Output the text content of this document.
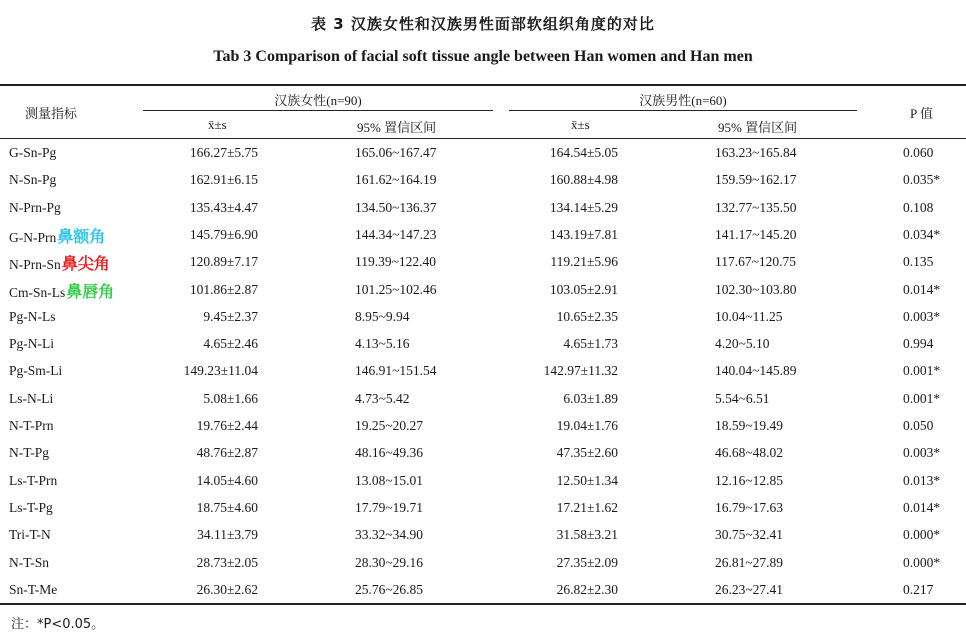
表 3 汉族女性和汉族男性面部软组织角度的对比
Tab 3 Comparison of facial soft tissue angle between Han women and Han men
测量指标
汉族女性(n=90)	汉族男性(n=60)
x̄±s	95% 置信区间	x̄±s	95% 置信区间
P 值
G-Sn-Pg	166.27±5.75	165.06~167.47	164.54±5.05	163.23~165.84	0.060
N-Sn-Pg	162.91±6.15	161.62~164.19	160.88±4.98	159.59~162.17	0.035*
N-Prn-Pg	135.43±4.47	134.50~136.37	134.14±5.29	132.77~135.50	0.108
G-N-Prn鼻额角	145.79±6.90	144.34~147.23	143.19±7.81	141.17~145.20	0.034*
N-Prn-Sn鼻尖角	120.89±7.17	119.39~122.40	119.21±5.96	117.67~120.75	0.135
Cm-Sn-Ls鼻唇角	101.86±2.87	101.25~102.46	103.05±2.91	102.30~103.80	0.014*
Pg-N-Ls	9.45±2.37	8.95~9.94	10.65±2.35	10.04~11.25	0.003*
Pg-N-Li	4.65±2.46	4.13~5.16	4.65±1.73	4.20~5.10	0.994
Pg-Sm-Li	149.23±11.04	146.91~151.54	142.97±11.32	140.04~145.89	0.001*
Ls-N-Li	5.08±1.66	4.73~5.42	6.03±1.89	5.54~6.51	0.001*
N-T-Prn	19.76±2.44	19.25~20.27	19.04±1.76	18.59~19.49	0.050
N-T-Pg	48.76±2.87	48.16~49.36	47.35±2.60	46.68~48.02	0.003*
Ls-T-Prn	14.05±4.60	13.08~15.01	12.50±1.34	12.16~12.85	0.013*
Ls-T-Pg	18.75±4.60	17.79~19.71	17.21±1.62	16.79~17.63	0.014*
Tri-T-N	34.11±3.79	33.32~34.90	31.58±3.21	30.75~32.41	0.000*
N-T-Sn	28.73±2.05	28.30~29.16	27.35±2.09	26.81~27.89	0.000*
Sn-T-Me	26.30±2.62	25.76~26.85	26.82±2.30	26.23~27.41	0.217
注：*P<0.05。
